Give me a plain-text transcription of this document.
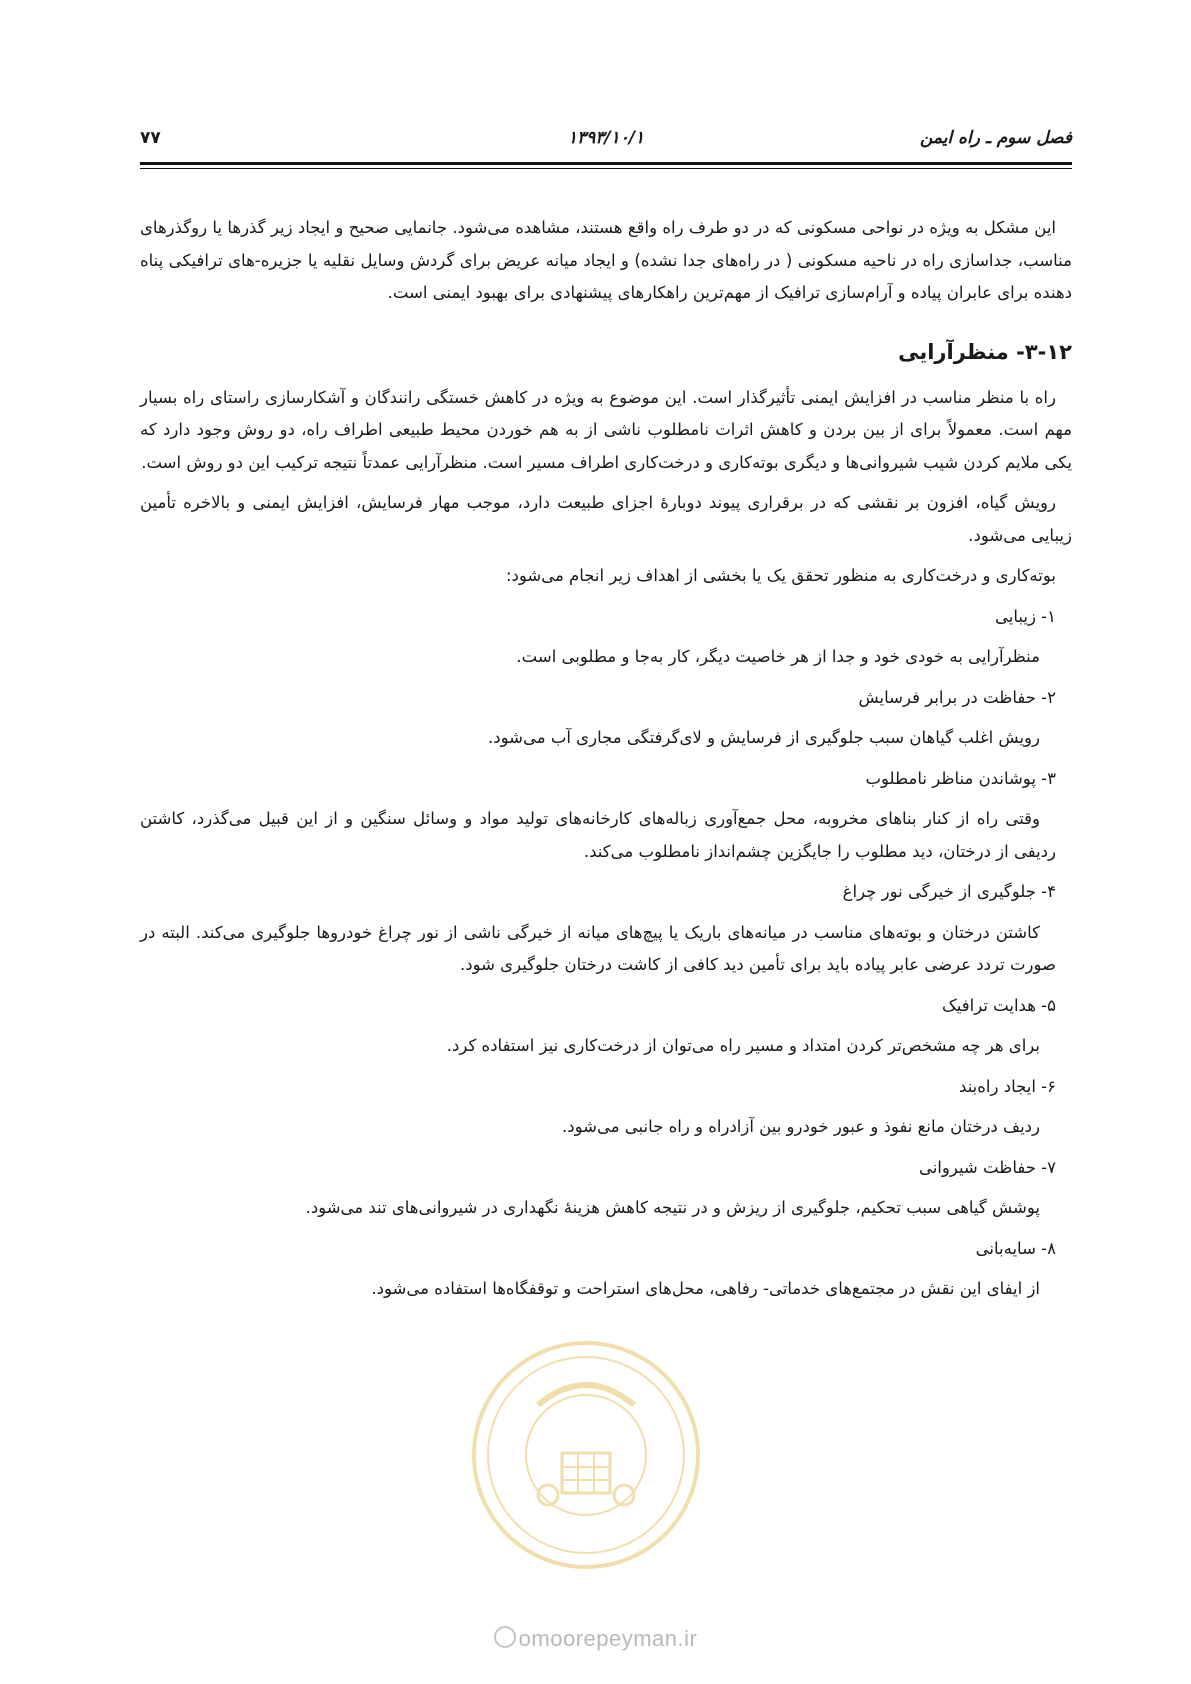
فصل سوم ـ راه ایمن
۱۳۹۳/۱۰/۱
۷۷

این مشکل به ویژه در نواحی مسکونی که در دو طرف راه واقع هستند، مشاهده می‌شود. جانمایی صحیح و ایجاد زیر گذرها یا روگذرهای مناسب، جداسازی راه در ناحیه مسکونی ( در راه‌های جدا نشده) و ایجاد میانه عریض برای گردش وسایل نقلیه یا جزیره-های ترافیکی پناه دهنده برای عابران پیاده و آرام‌سازی ترافیک از مهم‌ترین راهکارهای پیشنهادی برای بهبود ایمنی است.

۳-۱۲- منظرآرایی

راه با منظر مناسب در افزایش ایمنی تأثیرگذار است. این موضوع به ویژه در کاهش خستگی رانندگان و آشکارسازی راستای راه بسیار مهم است. معمولاً برای از بین بردن و کاهش اثرات نامطلوب ناشی از به هم خوردن محیط طبیعی اطراف راه، دو روش وجود دارد که یکی ملایم کردن شیب شیروانی‌ها و دیگری بوته‌کاری و درخت‌کاری اطراف مسیر است. منظرآرایی عمدتاً نتیجه ترکیب این دو روش است.

رویش گیاه، افزون بر نقشی که در برقراری پیوند دوبارهٔ اجزای طبیعت دارد، موجب مهار فرسایش، افزایش ایمنی و بالاخره تأمین زیبایی می‌شود.

بوته‌کاری و درخت‌کاری به منظور تحقق یک یا بخشی از اهداف زیر انجام می‌شود:

۱- زیبایی

منظرآرایی به خودی خود و جدا از هر خاصیت دیگر، کار به‌جا و مطلوبی است.

۲- حفاظت در برابر فرسایش

رویش اغلب گیاهان سبب جلوگیری از فرسایش و لای‌گرفتگی مجاری آب می‌شود.

۳- پوشاندن مناظر نامطلوب

وقتی راه از کنار بناهای مخروبه، محل جمع‌آوری زباله‌های کارخانه‌های تولید مواد و وسائل سنگین و از این قبیل می‌گذرد، کاشتن ردیفی از درختان، دید مطلوب را جایگزین چشم‌انداز نامطلوب می‌کند.

۴- جلوگیری از خیرگی نور چراغ

کاشتن درختان و بوته‌های مناسب در میانه‌های باریک یا پیچ‌های میانه از خیرگی ناشی از نور چراغ خودروها جلوگیری می‌کند. البته در صورت تردد عرضی عابر پیاده باید برای تأمین دید کافی از کاشت درختان جلوگیری شود.

۵- هدایت ترافیک

برای هر چه مشخص‌تر کردن امتداد و مسیر راه می‌توان از درخت‌کاری نیز استفاده کرد.

۶- ایجاد راه‌بند

ردیف درختان مانع نفوذ و عبور خودرو بین آزادراه و راه جانبی می‌شود.

۷- حفاظت شیروانی

پوشش گیاهی سبب تحکیم، جلوگیری از ریزش و در نتیجه کاهش هزینهٔ نگهداری در شیروانی‌های تند می‌شود.

۸- سایه‌بانی

از ایفای این نقش در مجتمع‌های خدماتی- رفاهی، محل‌های استراحت و توقفگاه‌ها استفاده می‌شود.

omoorepeyman.ir
